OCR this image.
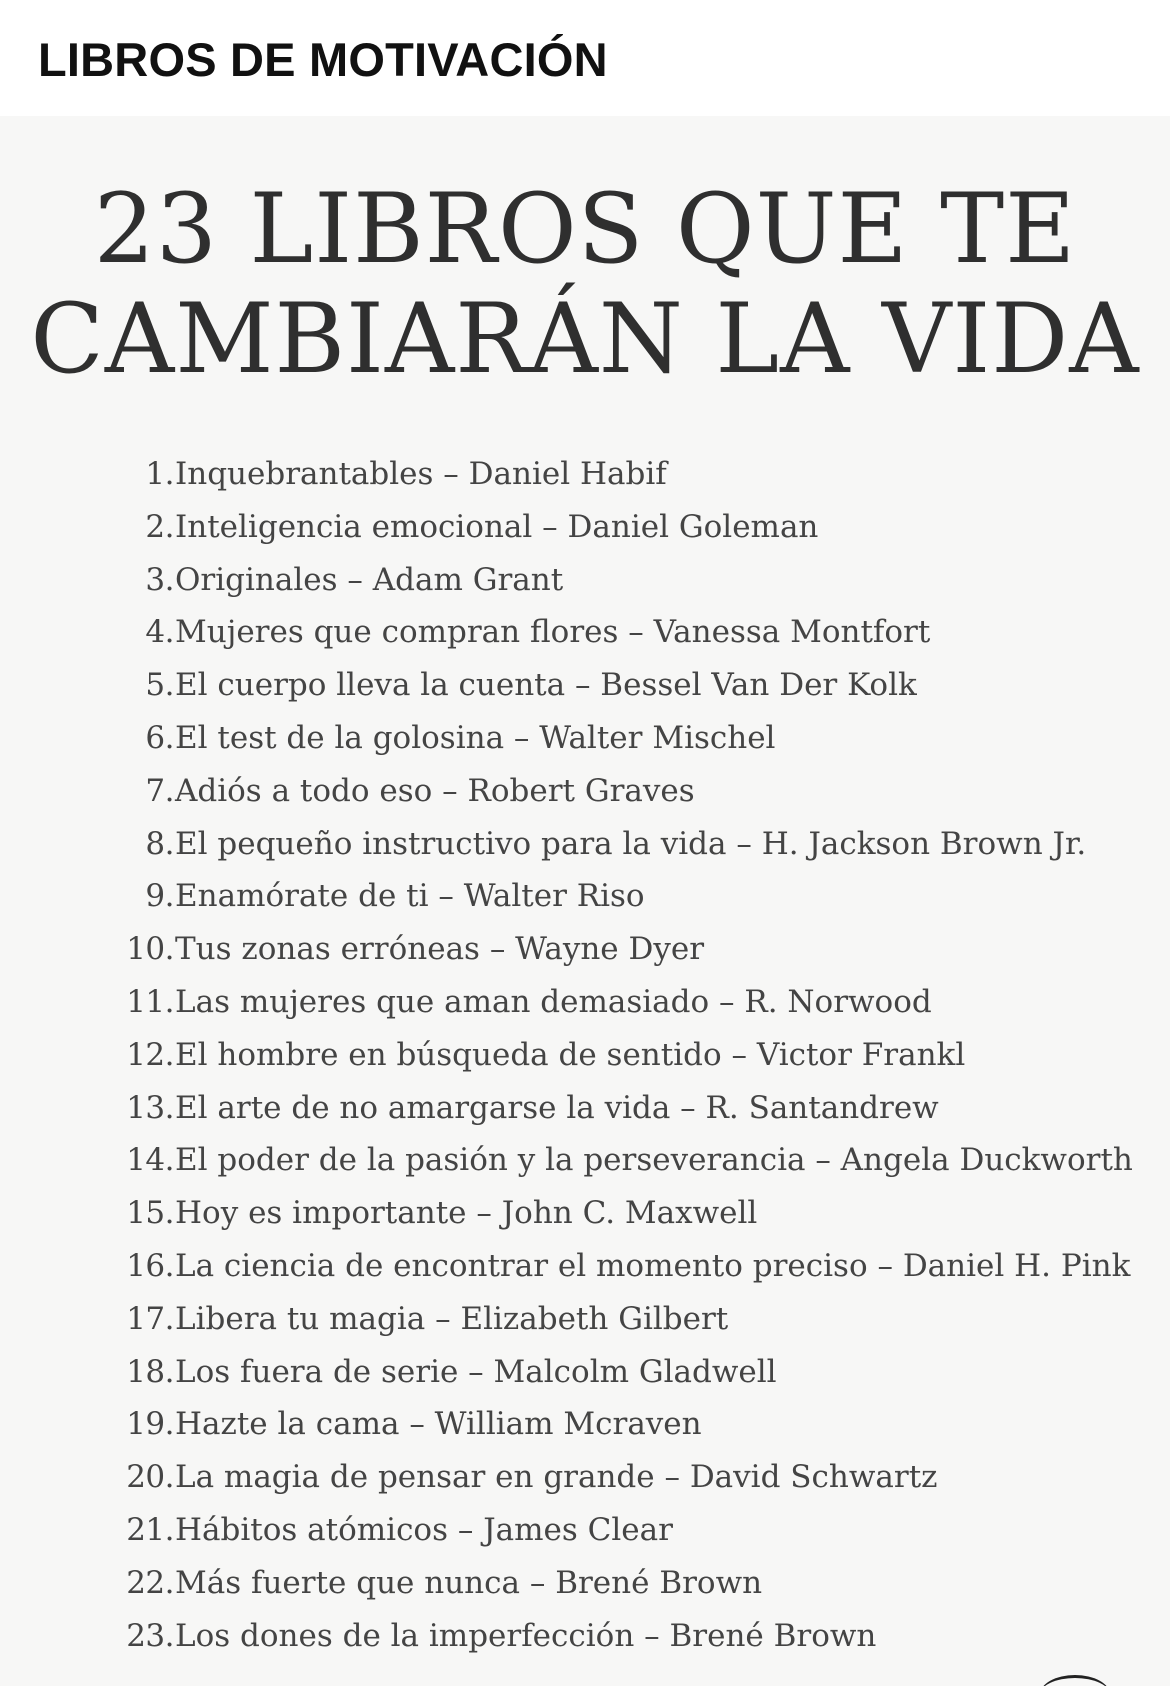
LIBROS DE MOTIVACIÓN
23 LIBROS QUE TE
CAMBIARÁN LA VIDA
1. Inquebrantables – Daniel Habif
2. Inteligencia emocional – Daniel Goleman
3. Originales – Adam Grant
4. Mujeres que compran flores – Vanessa Montfort
5. El cuerpo lleva la cuenta – Bessel Van Der Kolk
6. El test de la golosina – Walter Mischel
7. Adiós a todo eso – Robert Graves
8. El pequeño instructivo para la vida – H. Jackson Brown Jr.
9. Enamórate de ti – Walter Riso
10. Tus zonas erróneas – Wayne Dyer
11. Las mujeres que aman demasiado – R. Norwood
12. El hombre en búsqueda de sentido – Victor Frankl
13. El arte de no amargarse la vida – R. Santandrew
14. El poder de la pasión y la perseverancia – Angela Duckworth
15. Hoy es importante – John C. Maxwell
16. La ciencia de encontrar el momento preciso – Daniel H. Pink
17. Libera tu magia – Elizabeth Gilbert
18. Los fuera de serie – Malcolm Gladwell
19. Hazte la cama – William Mcraven
20. La magia de pensar en grande – David Schwartz
21. Hábitos atómicos – James Clear
22. Más fuerte que nunca – Brené Brown
23. Los dones de la imperfección – Brené Brown
